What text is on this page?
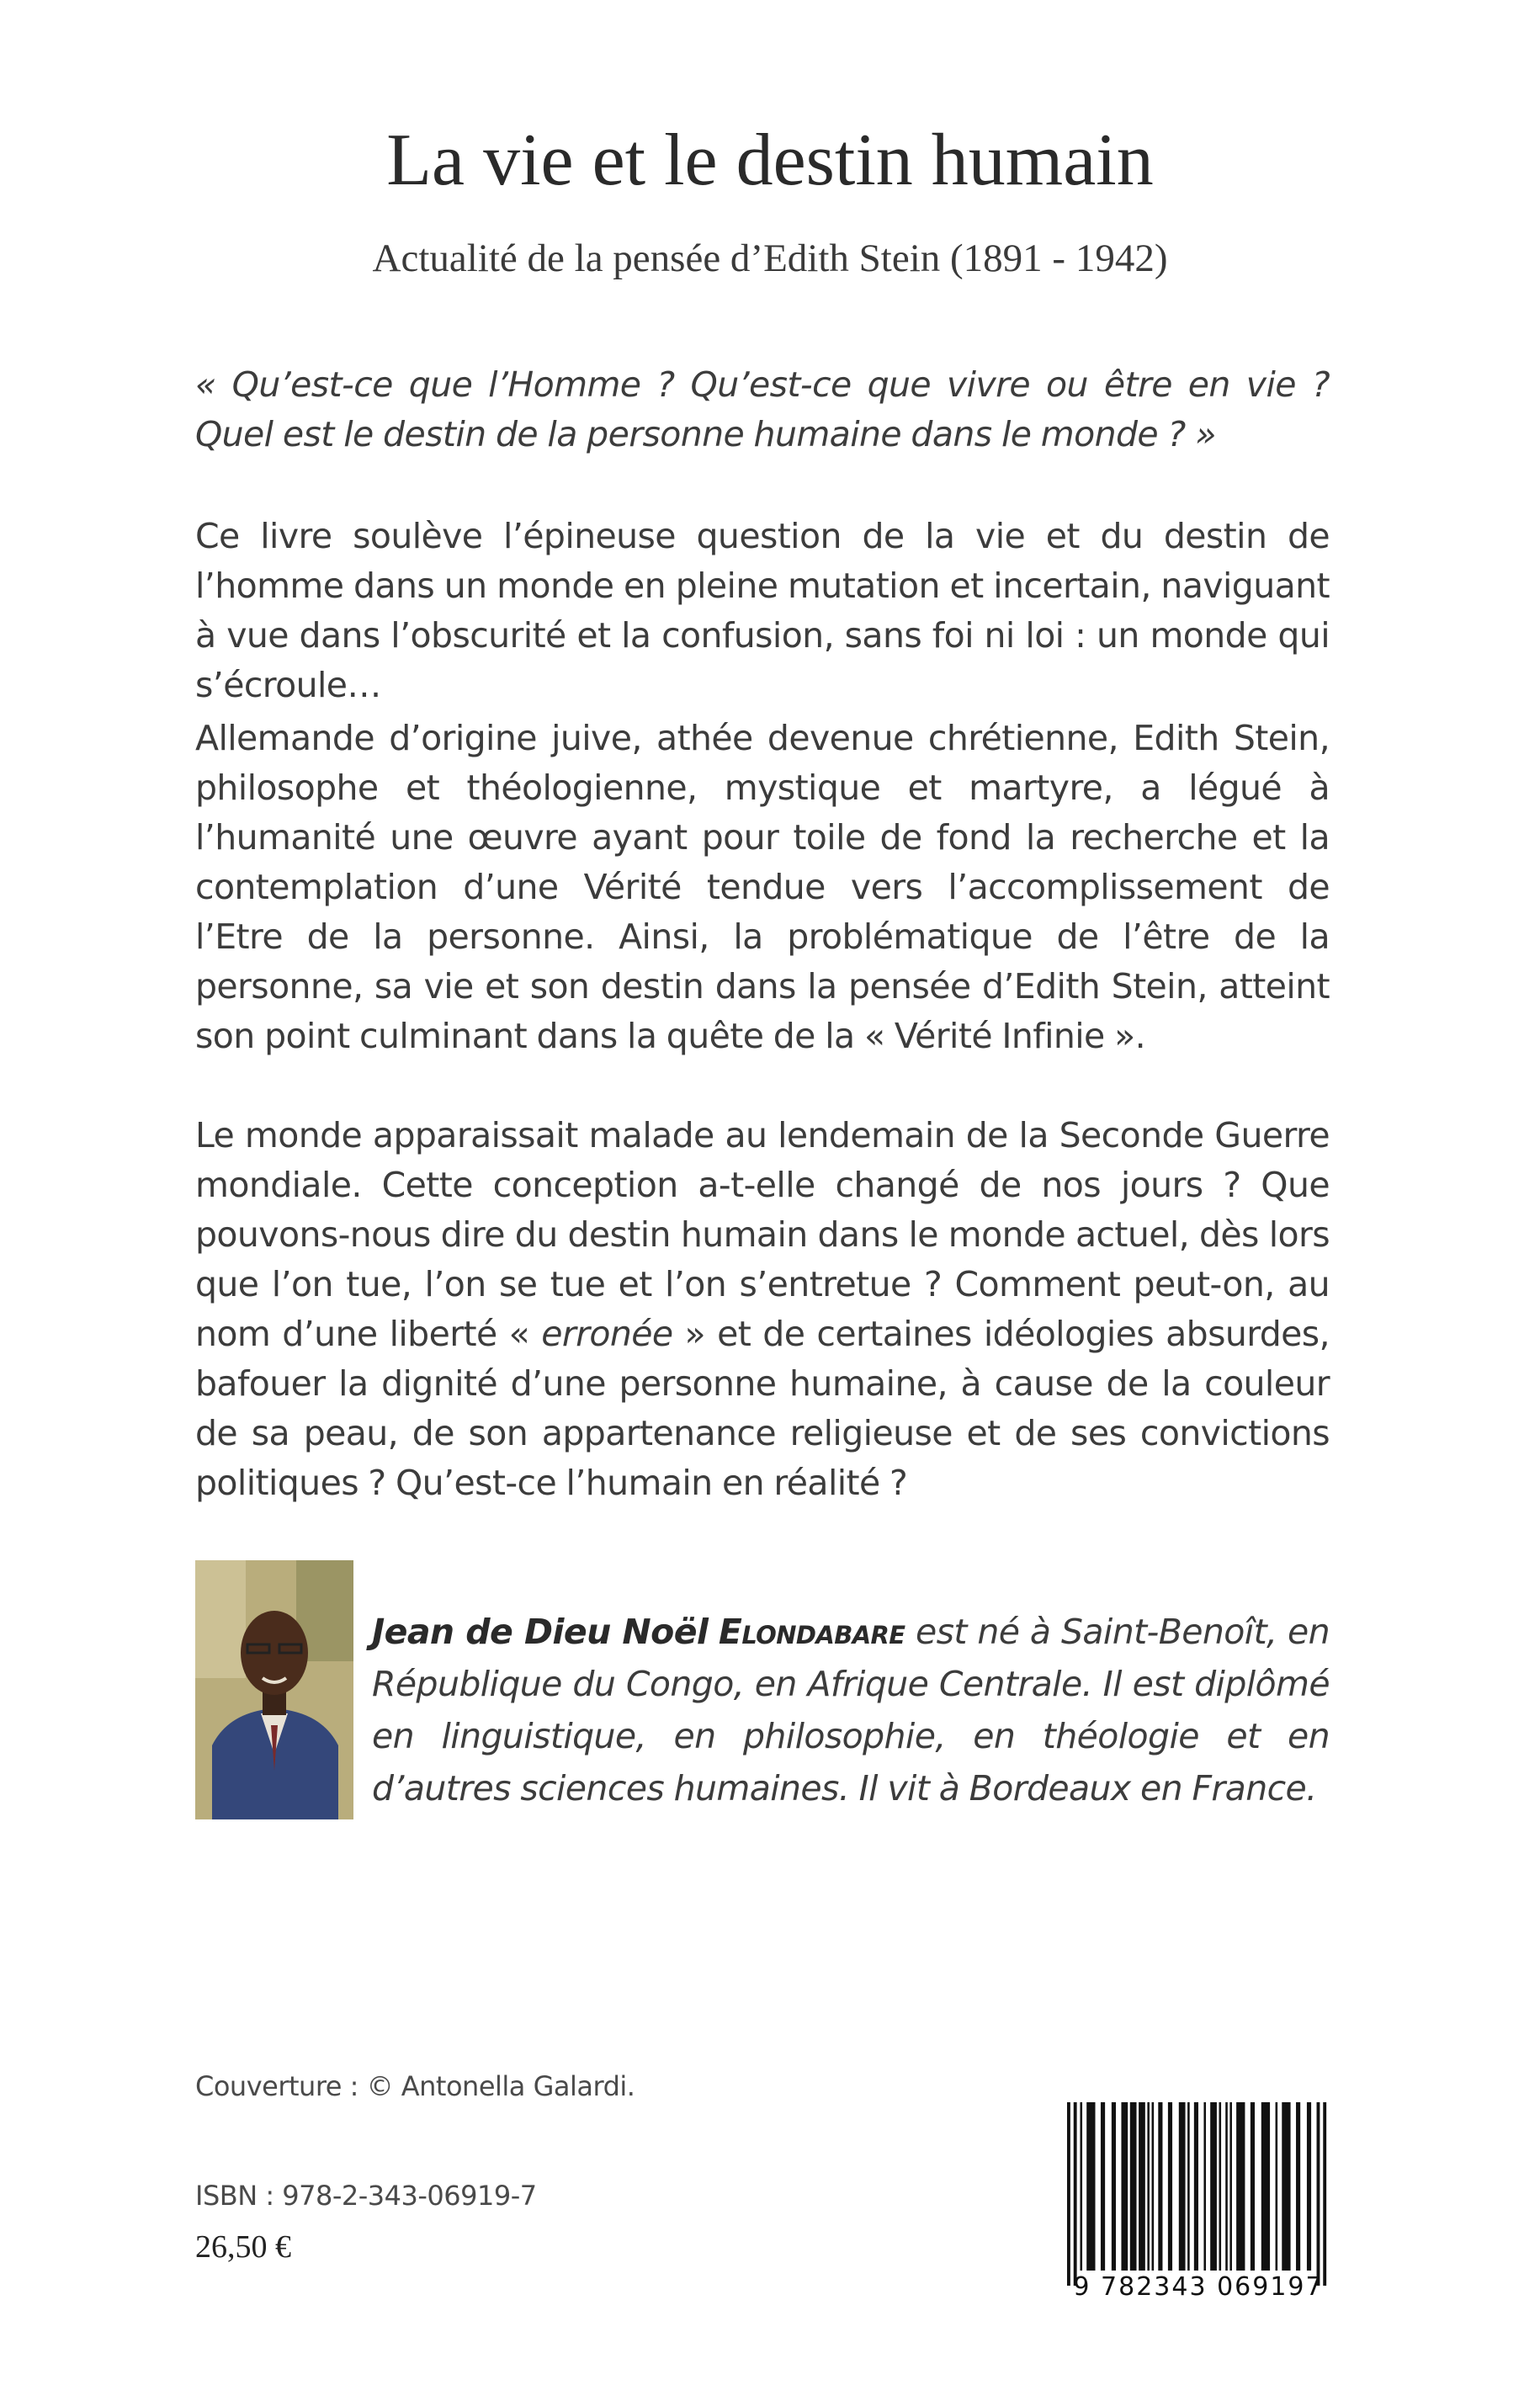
La vie et le destin humain

Actualité de la pensée d’Edith Stein (1891 - 1942)

« Qu’est-ce que l’Homme ? Qu’est-ce que vivre ou être en vie ? Quel est le destin de la personne humaine dans le monde ? »

Ce livre soulève l’épineuse question de la vie et du destin de l’homme dans un monde en pleine mutation et incertain, naviguant à vue dans l’obscurité et la confusion, sans foi ni loi : un monde qui s’écroule…

Allemande d’origine juive, athée devenue chrétienne, Edith Stein, philosophe et théologienne, mystique et martyre, a légué à l’humanité une œuvre ayant pour toile de fond la recherche et la contemplation d’une Vérité tendue vers l’accomplissement de l’Etre de la personne. Ainsi, la problématique de l’être de la personne, sa vie et son destin dans la pensée d’Edith Stein, atteint son point culminant dans la quête de la « Vérité Infinie ».

Le monde apparaissait malade au lendemain de la Seconde Guerre mondiale. Cette conception a-t-elle changé de nos jours ? Que pouvons-nous dire du destin humain dans le monde actuel, dès lors que l’on tue, l’on se tue et l’on s’entretue ? Comment peut-on, au nom d’une liberté « erronée » et de certaines idéologies absurdes, bafouer la dignité d’une personne humaine, à cause de la couleur de sa peau, de son appartenance religieuse et de ses convictions politiques ? Qu’est-ce l’humain en réalité ?

Jean de Dieu Noël Elondabare est né à Saint-Benoît, en République du Congo, en Afrique Centrale. Il est diplômé en linguistique, en philosophie, en théologie et en d’autres sciences humaines. Il vit à Bordeaux en France.

Couverture : © Antonella Galardi.

ISBN : 978-2-343-06919-7

26,50 €

9 782343 069197
